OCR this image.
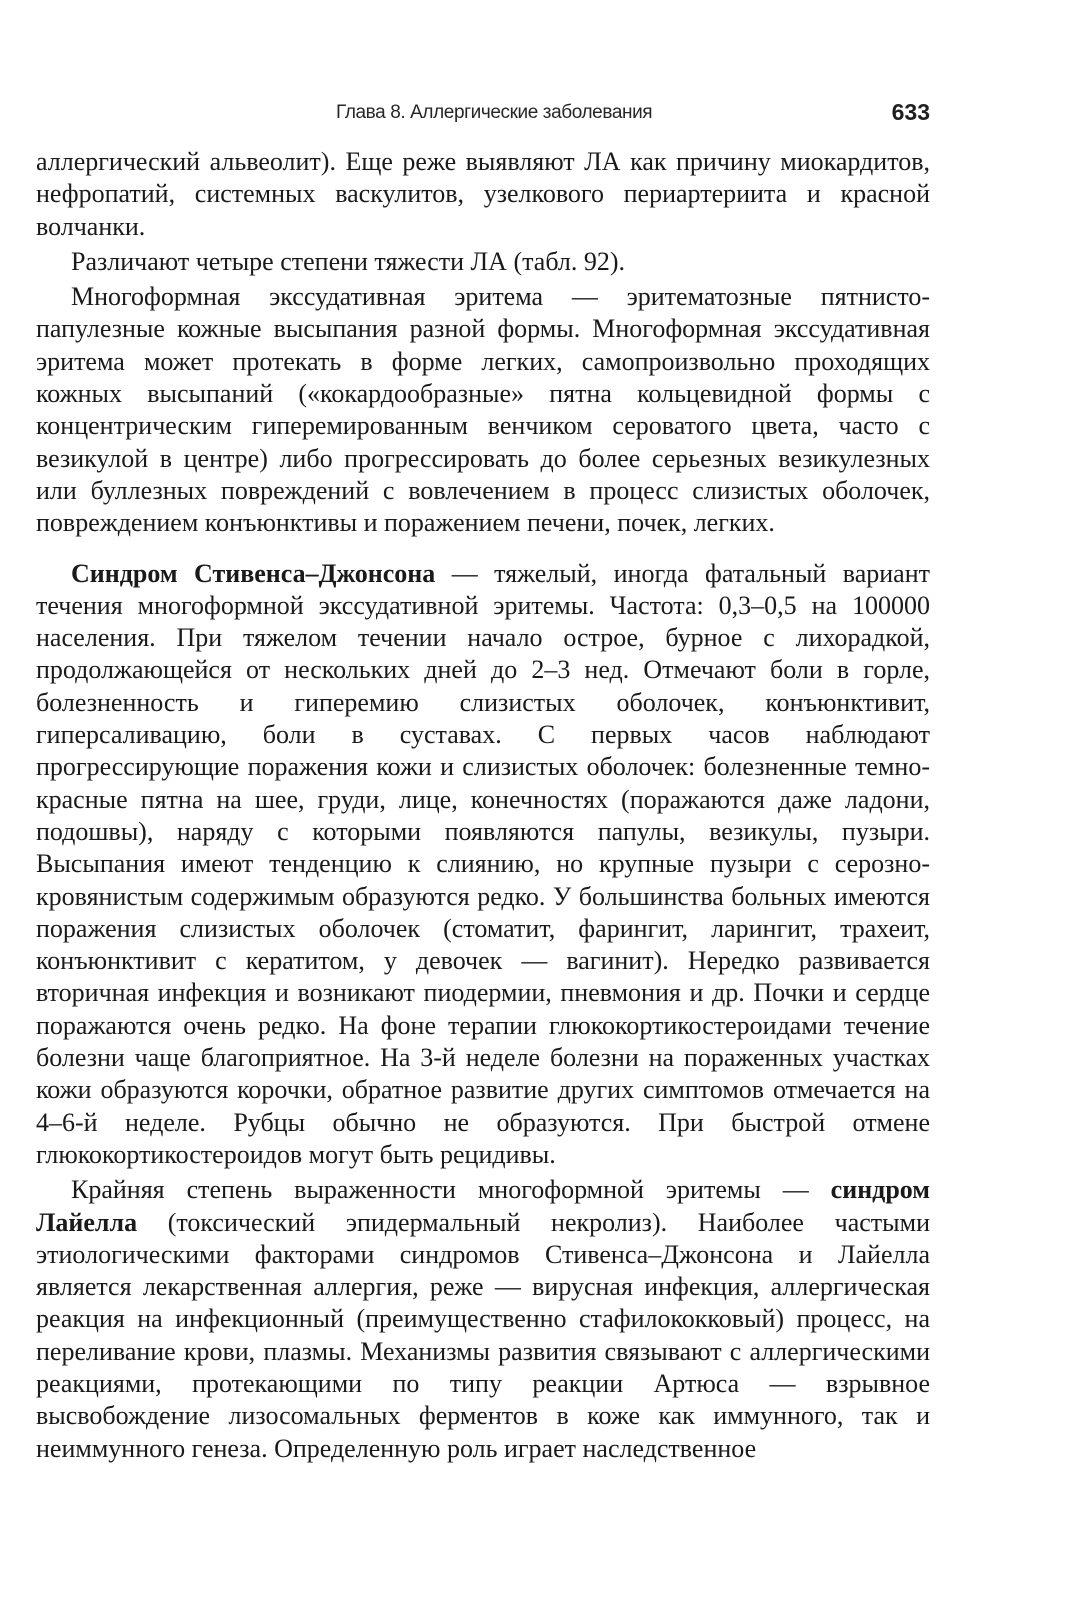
Глава 8. Аллергические заболевания	633

аллергический альвеолит). Еще реже выявляют ЛА как причину миокардитов, нефропатий, системных васкулитов, узелкового периартериита и красной волчанки.

Различают четыре степени тяжести ЛА (табл. 92).

Многоформная экссудативная эритема — эритематозные пятнисто-папулезные кожные высыпания разной формы. Многоформная экссудативная эритема может протекать в форме легких, самопроизвольно проходящих кожных высыпаний («кокардообразные» пятна кольцевидной формы с концентрическим гиперемированным венчиком сероватого цвета, часто с везикулой в центре) либо прогрессировать до более серьезных везикулезных или буллезных повреждений с вовлечением в процесс слизистых оболочек, повреждением конъюнктивы и поражением печени, почек, легких.

Синдром Стивенса–Джонсона — тяжелый, иногда фатальный вариант течения многоформной экссудативной эритемы. Частота: 0,3–0,5 на 100000 населения. При тяжелом течении начало острое, бурное с лихорадкой, продолжающейся от нескольких дней до 2–3 нед. Отмечают боли в горле, болезненность и гиперемию слизистых оболочек, конъюнктивит, гиперсаливацию, боли в суставах. С первых часов наблюдают прогрессирующие поражения кожи и слизистых оболочек: болезненные темно-красные пятна на шее, груди, лице, конечностях (поражаются даже ладони, подошвы), наряду с которыми появляются папулы, везикулы, пузыри. Высыпания имеют тенденцию к слиянию, но крупные пузыри с серозно-кровянистым содержимым образуются редко. У большинства больных имеются поражения слизистых оболочек (стоматит, фарингит, ларингит, трахеит, конъюнктивит с кератитом, у девочек — вагинит). Нередко развивается вторичная инфекция и возникают пиодермии, пневмония и др. Почки и сердце поражаются очень редко. На фоне терапии глюкокортикостероидами течение болезни чаще благоприятное. На 3-й неделе болезни на пораженных участках кожи образуются корочки, обратное развитие других симптомов отмечается на 4–6-й неделе. Рубцы обычно не образуются. При быстрой отмене глюкокортикостероидов могут быть рецидивы.

Крайняя степень выраженности многоформной эритемы — синдром Лайелла (токсический эпидермальный некролиз). Наиболее частыми этиологическими факторами синдромов Стивенса–Джонсона и Лайелла является лекарственная аллергия, реже — вирусная инфекция, аллергическая реакция на инфекционный (преимущественно стафилококковый) процесс, на переливание крови, плазмы. Механизмы развития связывают с аллергическими реакциями, протекающими по типу реакции Артюса — взрывное высвобождение лизосомальных ферментов в коже как иммунного, так и неиммунного генеза. Определенную роль играет наследственное
